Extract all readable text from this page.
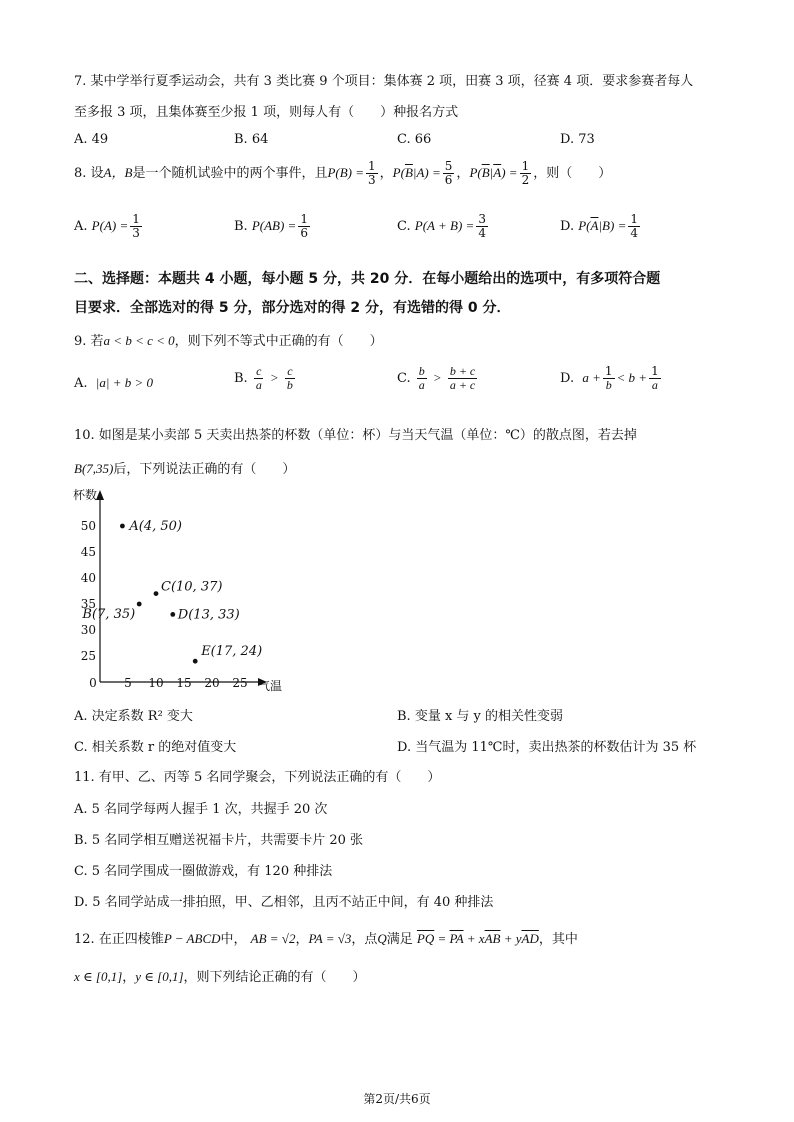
7. 某中学举行夏季运动会，共有 3 类比赛 9 个项目：集体赛 2 项，田赛 3 项，径赛 4 项．要求参赛者每人
至多报 3 项，且集体赛至少报 1 项，则每人有（　　）种报名方式
A. 49	B. 64	C. 66	D. 73
8. 设A，B是一个随机试验中的两个事件，且$P(B) = \frac{1}{3}$ ，$P(\overline{B}|A) = \frac{5}{6}$ ，$P(\overline{B}|\overline{A}) = \frac{1}{2}$ ，则（　　）
A. $P(A) = \frac{1}{3}$	B. $P(AB) = \frac{1}{6}$	C. $P(A + B) = \frac{3}{4}$	D. $P(\overline{A}|B) = \frac{1}{4}$
二、选择题：本题共 4 小题，每小题 5 分，共 20 分．在每小题给出的选项中，有多项符合题
目要求．全部选对的得 5 分，部分选对的得 2 分，有选错的得 0 分．
9. 若a < b < c < 0，则下列不等式中正确的有（　　）
A. |a| + b > 0	B. $\frac{c}{a} > \frac{c}{b}$	C. $\frac{b}{a} > \frac{b + c}{a + c}$	D. $a + \frac{1}{b} < b + \frac{1}{a}$
10. 如图是某小卖部 5 天卖出热茶的杯数（单位：杯）与当天气温（单位：℃）的散点图，若去掉
B(7,35)后，下列说法正确的有（　　）
杯数
气温
0 5 10 15 20 25
25
30
35
40
45
50	A(4, 50)
B(7, 35)
C(10, 37)
D(13, 33)
E(17, 24)
A. 决定系数 R² 变大	B. 变量 x 与 y 的相关性变弱
C. 相关系数 r 的绝对值变大	D. 当气温为 11℃时，卖出热茶的杯数估计为 35 杯
11. 有甲、乙、丙等 5 名同学聚会，下列说法正确的有（　　）
A. 5 名同学每两人握手 1 次，共握手 20 次
B. 5 名同学相互赠送祝福卡片，共需要卡片 20 张
C. 5 名同学围成一圈做游戏，有 120 种排法
D. 5 名同学站成一排拍照，甲、乙相邻，且丙不站正中间，有 40 种排法
12. 在正四棱锥P − ABCD中， AB = √2，PA = √3，点Q满足 $\overline{PQ} = \overline{PA} + x\overline{AB} + y\overline{AD}$，其中
x ∈ [0,1]，y ∈ [0,1]，则下列结论正确的有（　　）
第2页/共6页
